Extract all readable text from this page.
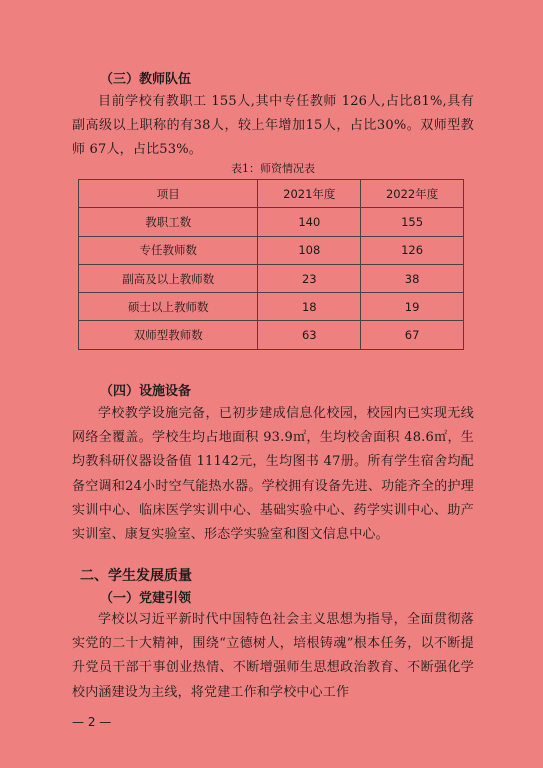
（三）教师队伍
目前学校有教职工 155人,其中专任教师 126人,占比81%,具有副高级以上职称的有38人，较上年增加15人，占比30%。双师型教师 67人，占比53%。
表1：师资情况表
项目	2021年度	2022年度
教职工数	140	155
专任教师数	108	126
副高及以上教师数	23	38
硕士以上教师数	18	19
双师型教师数	63	67
（四）设施设备
学校教学设施完备，已初步建成信息化校园，校园内已实现无线网络全覆盖。学校生均占地面积 93.9㎡，生均校舍面积 48.6㎡，生均教科研仪器设备值 11142元，生均图书 47册。所有学生宿舍均配备空调和24小时空气能热水器。学校拥有设备先进、功能齐全的护理实训中心、临床医学实训中心、基础实验中心、药学实训中心、助产实训室、康复实验室、形态学实验室和图文信息中心。
二、学生发展质量
（一）党建引领
学校以习近平新时代中国特色社会主义思想为指导，全面贯彻落实党的二十大精神，围绕“立德树人，培根铸魂”根本任务，以不断提升党员干部干事创业热情、不断增强师生思想政治教育、不断强化学校内涵建设为主线，将党建工作和学校中心工作
— 2 —
